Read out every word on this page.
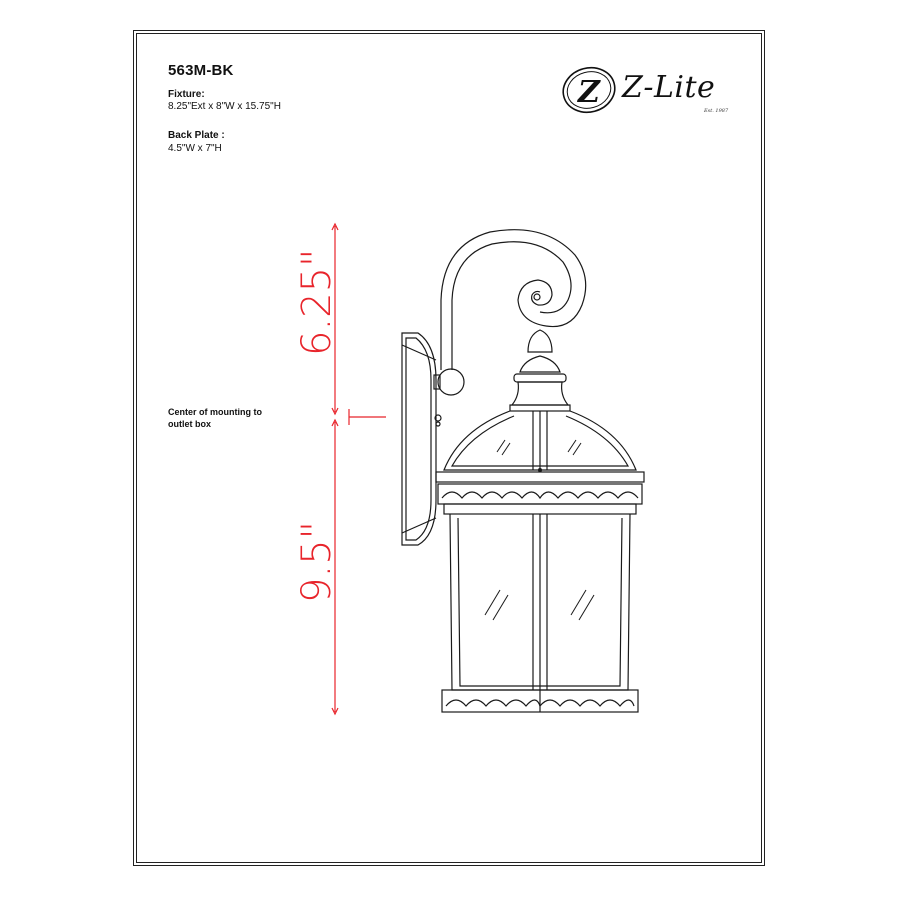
563M-BK
Fixture:
8.25"Ext x 8"W x 15.75"H
Back Plate :
4.5"W x 7"H
Center of mounting to outlet box
Z Z-Lite
Est. 1987
6.25"
9.5"
